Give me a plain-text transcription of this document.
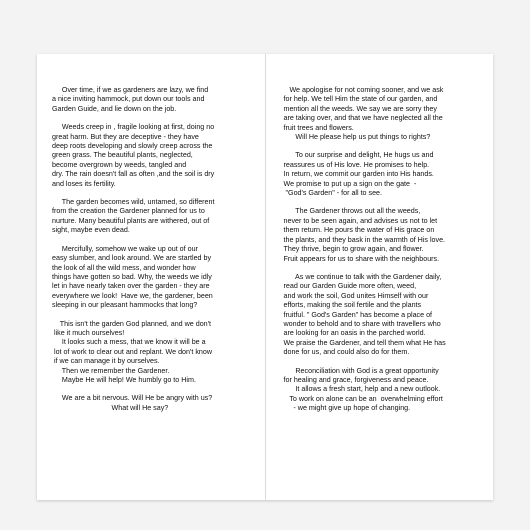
Over time, if we as gardeners are lazy, we find
a nice inviting hammock, put down our tools and
Garden Guide, and lie down on the job.
Weeds creep in , fragile looking at first, doing no
great harm. But they are deceptive - they have
deep roots developing and slowly creep across the
green grass. The beautiful plants, neglected,
become overgrown by weeds, tangled and
dry. The rain doesn't fall as often ,and the soil is dry
and loses its fertility.
The garden becomes wild, untamed, so different
from the creation the Gardener planned for us to
nurture. Many beautiful plants are withered, out of
sight, maybe even dead.
Mercifully, somehow we wake up out of our
easy slumber, and look around. We are startled by
the look of all the wild mess, and wonder how
things have gotten so bad. Why, the weeds we idly
let in have nearly taken over the garden - they are
everywhere we look!  Have we, the gardener, been
sleeping in our pleasant hammocks that long?
This isn't the garden God planned, and we don't
like it much ourselves!
It looks such a mess, that we know it will be a
lot of work to clear out and replant. We don't know
if we can manage it by ourselves.
Then we remember the Gardener.
Maybe He will help! We humbly go to Him.
We are a bit nervous. Will He be angry with us?
What will He say?
We apologise for not coming sooner, and we ask
for help. We tell Him the state of our garden, and
mention all the weeds. We say we are sorry they
are taking over, and that we have neglected all the
fruit trees and flowers.
Will He please help us put things to rights?
To our surprise and delight, He hugs us and
reassures us of His love. He promises to help.
In return, we commit our garden into His hands.
We promise to put up a sign on the gate  -
"God's Garden" - for all to see.
The Gardener throws out all the weeds,
never to be seen again, and advises us not to let
them return. He pours the water of His grace on
the plants, and they bask in the warmth of His love.
They thrive, begin to grow again, and flower.
Fruit appears for us to share with the neighbours.
As we continue to talk with the Gardener daily,
read our Garden Guide more often, weed,
and work the soil, God unites Himself with our
efforts, making the soil fertile and the plants
fruitful. " God's Garden" has become a place of
wonder to behold and to share with travellers who
are looking for an oasis in the parched world.
We praise the Gardener, and tell them what He has
done for us, and could also do for them.
Reconciliation with God is a great opportunity
for healing and grace, forgiveness and peace.
It allows a fresh start, help and a new outlook.
To work on alone can be an  overwhelming effort
- we might give up hope of changing.
